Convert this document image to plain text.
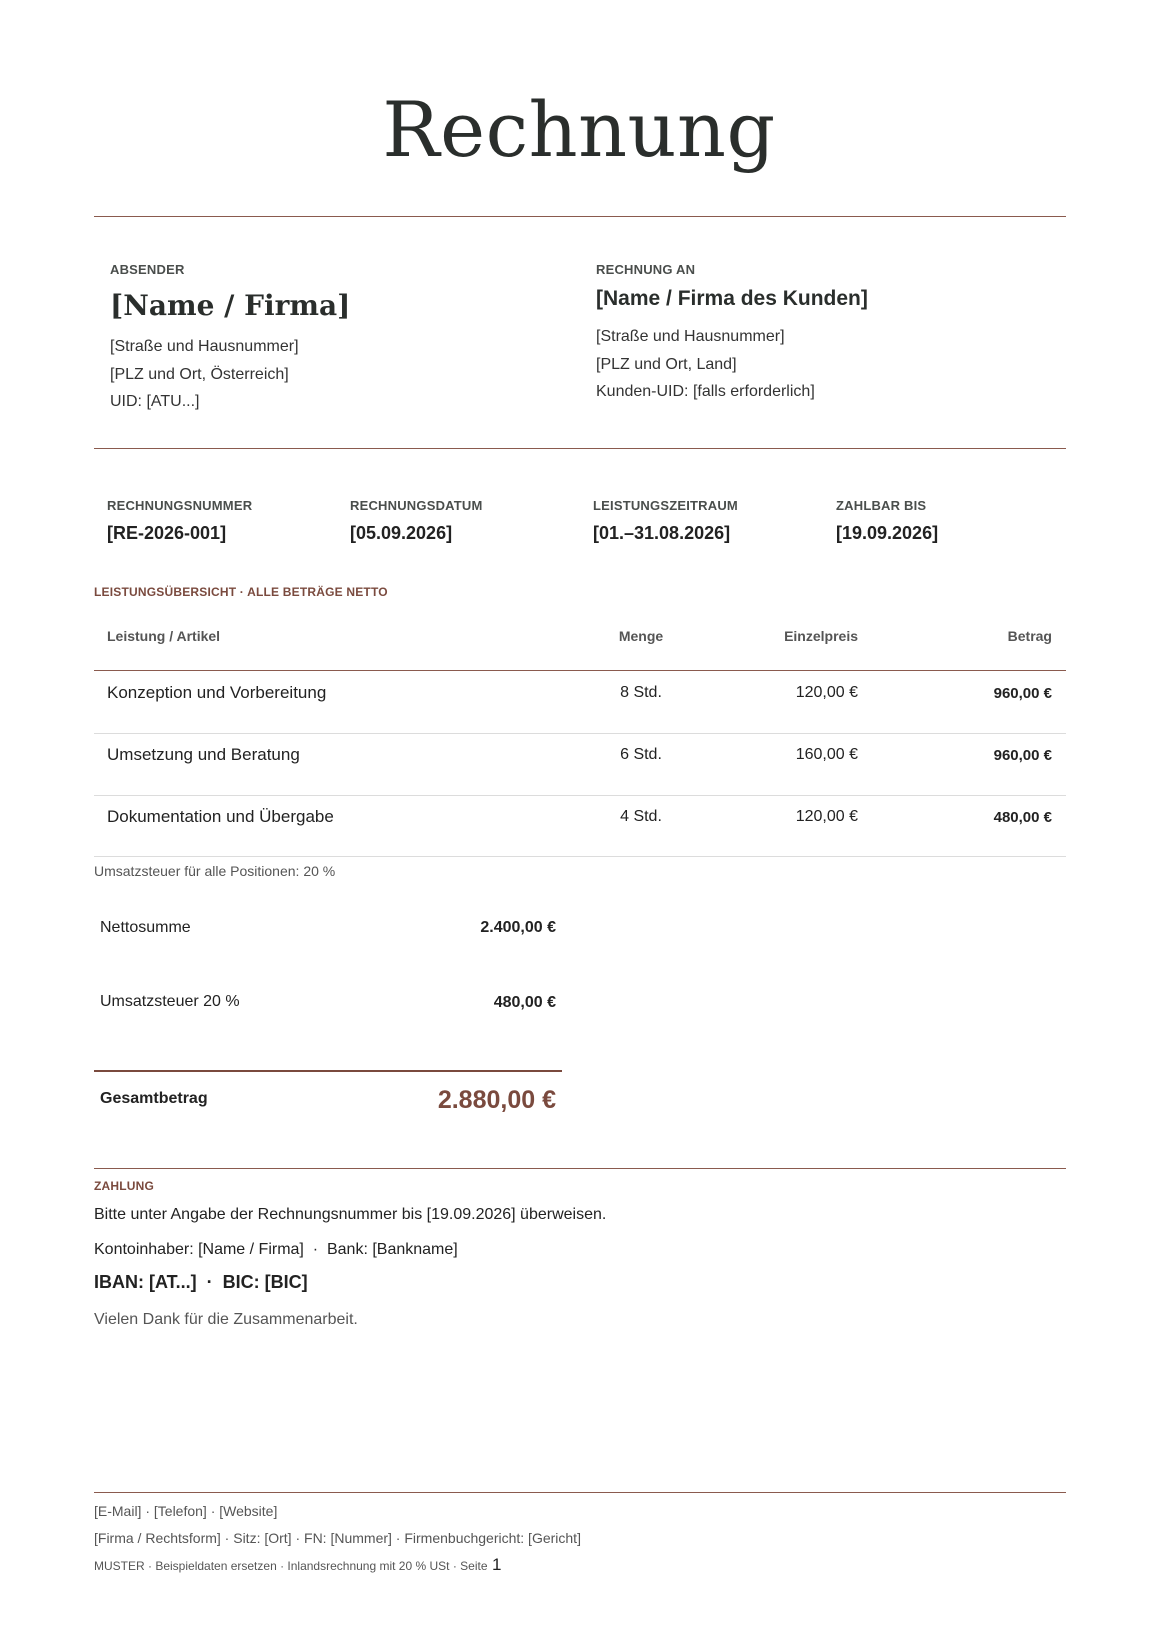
Rechnung
ABSENDER
[Name / Firma]
[Straße und Hausnummer]
[PLZ und Ort, Österreich]
UID: [ATU...]
RECHNUNG AN
[Name / Firma des Kunden]
[Straße und Hausnummer]
[PLZ und Ort, Land]
Kunden-UID: [falls erforderlich]
RECHNUNGSNUMMER
[RE-2026-001]
RECHNUNGSDATUM
[05.09.2026]
LEISTUNGSZEITRAUM
[01.–31.08.2026]
ZAHLBAR BIS
[19.09.2026]
LEISTUNGSÜBERSICHT · ALLE BETRÄGE NETTO
Leistung / Artikel	Menge	Einzelpreis	Betrag
Konzeption und Vorbereitung	8 Std.	120,00 €	960,00 €
Umsetzung und Beratung	6 Std.	160,00 €	960,00 €
Dokumentation und Übergabe	4 Std.	120,00 €	480,00 €
Umsatzsteuer für alle Positionen: 20 %
Nettosumme	2.400,00 €
Umsatzsteuer 20 %	480,00 €
Gesamtbetrag	2.880,00 €
ZAHLUNG
Bitte unter Angabe der Rechnungsnummer bis [19.09.2026] überweisen.
Kontoinhaber: [Name / Firma]  ·  Bank: [Bankname]
IBAN: [AT...]  ·  BIC: [BIC]
Vielen Dank für die Zusammenarbeit.
[E-Mail] · [Telefon] · [Website]
[Firma / Rechtsform] · Sitz: [Ort] · FN: [Nummer] · Firmenbuchgericht: [Gericht]
MUSTER · Beispieldaten ersetzen · Inlandsrechnung mit 20 % USt · Seite 1
